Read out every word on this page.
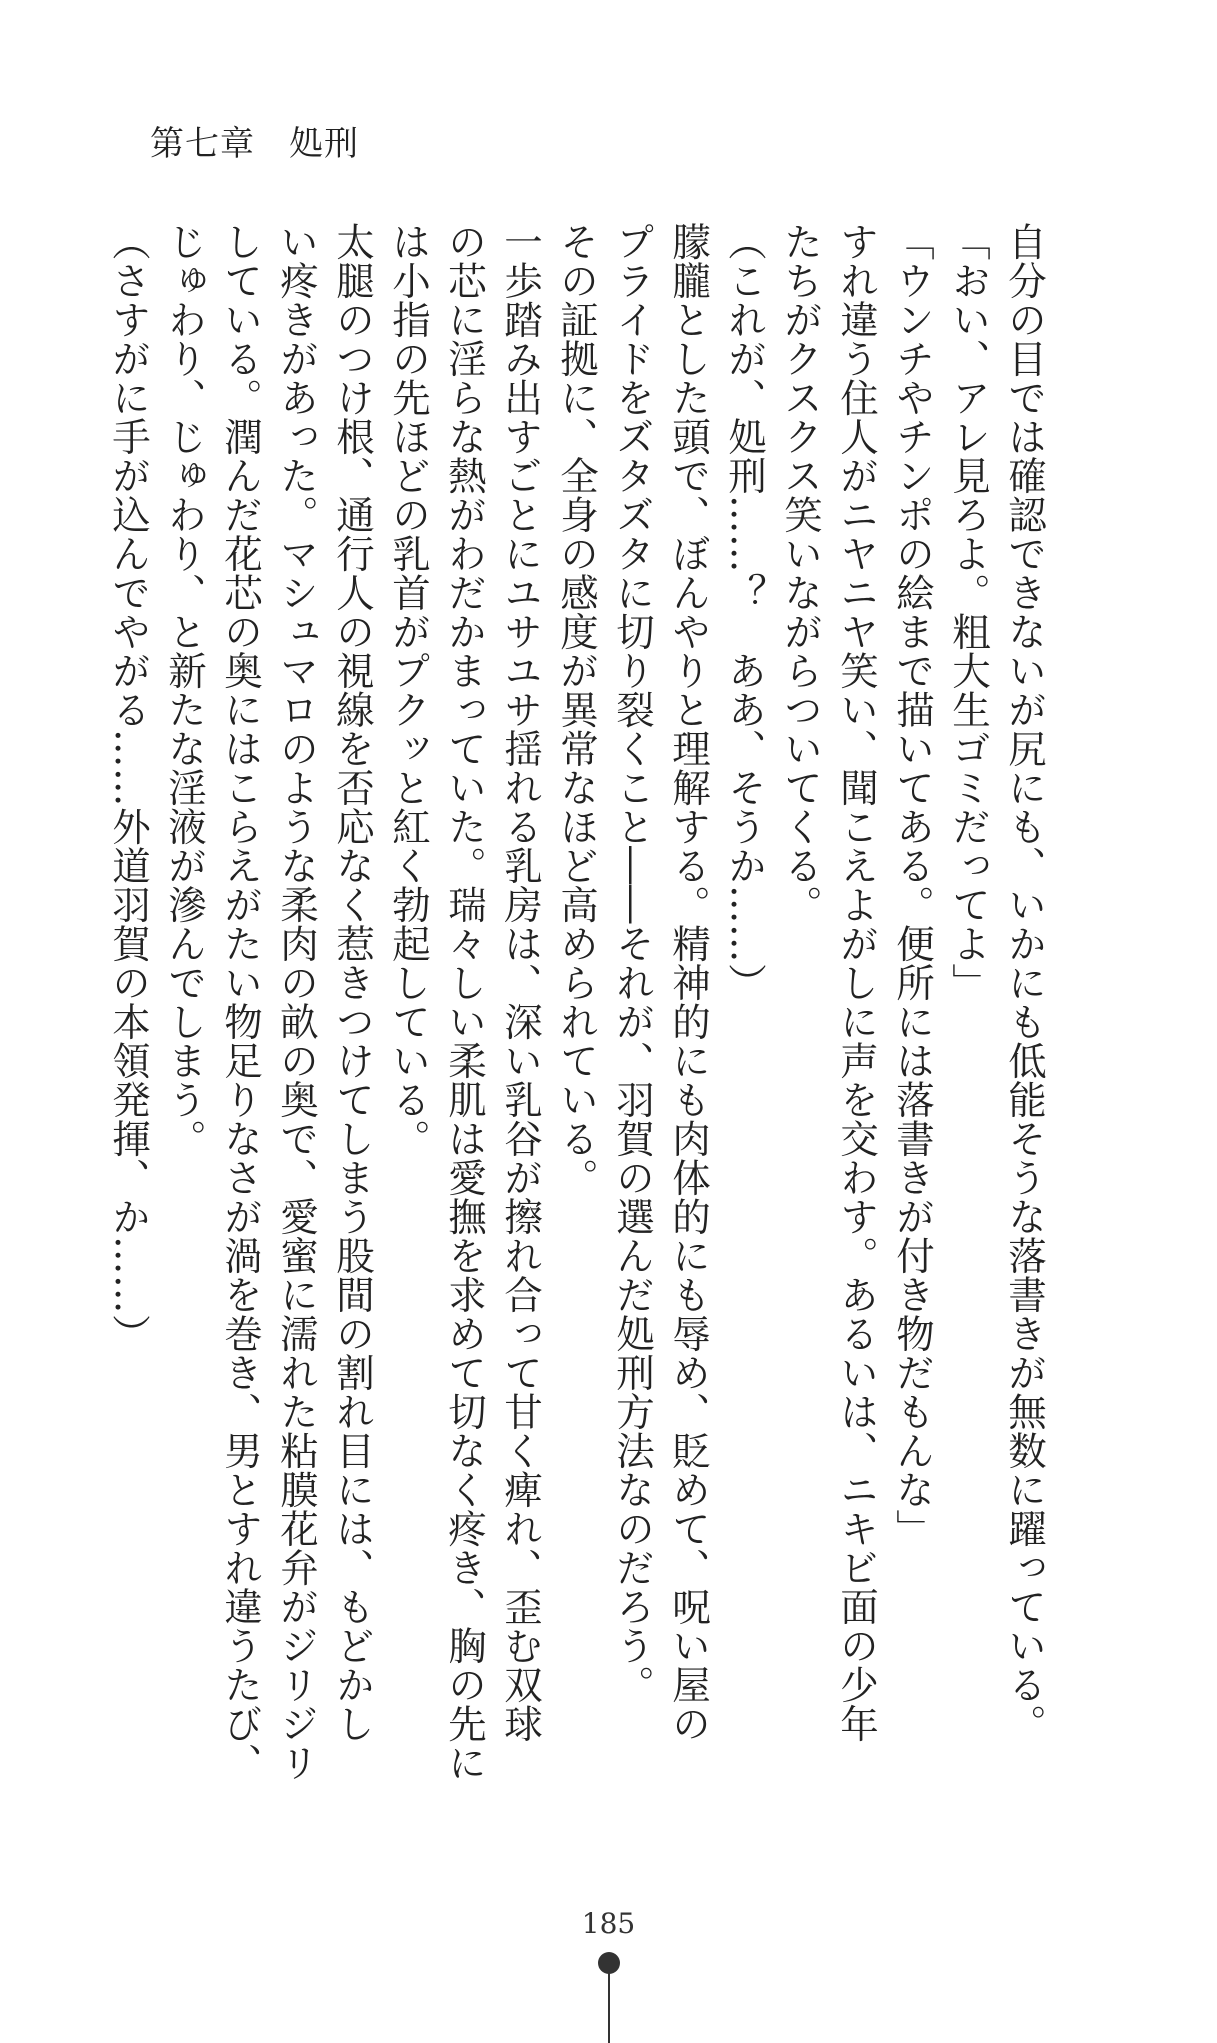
第七章 処刑
自分の目では確認できないが尻にも、いかにも低能そうな落書きが無数に躍っている。
「おい、アレ見ろよ。粗大生ゴミだってよ」
「ウンチやチンポの絵まで描いてある。便所には落書きが付き物だもんな」
すれ違う住人がニヤニヤ笑い、聞こえよがしに声を交わす。あるいは、ニキビ面の少年
たちがクスクス笑いながらついてくる。
（これが、処刑……？　ああ、そうか……）
朦朧とした頭で、ぼんやりと理解する。精神的にも肉体的にも辱め、貶めて、呪い屋の
プライドをズタズタに切り裂くこと――それが、羽賀の選んだ処刑方法なのだろう。
その証拠に、全身の感度が異常なほど高められている。
一歩踏み出すごとにユサユサ揺れる乳房は、深い乳谷が擦れ合って甘く痺れ、歪む双球
の芯に淫らな熱がわだかまっていた。瑞々しい柔肌は愛撫を求めて切なく疼き、胸の先に
は小指の先ほどの乳首がプクッと紅く勃起している。
太腿のつけ根、通行人の視線を否応なく惹きつけてしまう股間の割れ目には、もどかし
い疼きがあった。マシュマロのような柔肉の畝の奥で、愛蜜に濡れた粘膜花弁がジリジリ
している。潤んだ花芯の奥にはこらえがたい物足りなさが渦を巻き、男とすれ違うたび、
じゅわり、じゅわり、と新たな淫液が滲んでしまう。
（さすがに手が込んでやがる……外道羽賀の本領発揮、か……）
185
